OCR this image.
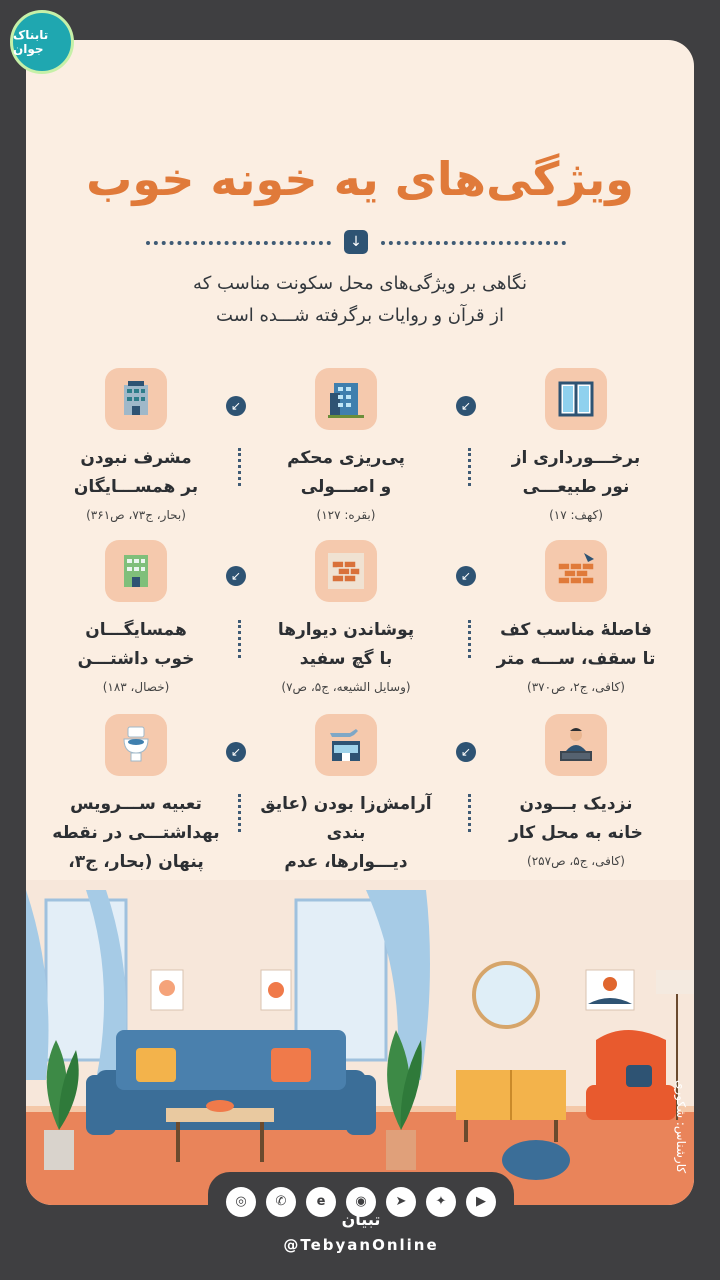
تابناک جوان
ویژگی‌های یه خونه خوب
↓
نگاهی بر ویژگی‌های محل سکونت مناسب که
از قرآن و روایات برگرفته شـــده است
برخـــورداری از
نور طبیعـــی
(کهف: ۱۷)
پی‌ریزی محکم
و اصـــولی
(بقره: ۱۲۷)
مشرف نبودن
بر همســـایگان
(بحار، ج۷۳، ص۳۶۱)
↙
↙
فاصلهٔ مناسب کف
تا سقف، ســـه متر
(کافی، ج۲، ص۳۷۰)
پوشاندن دیوارها
با گچ سفید
(وسایل الشیعه، ج۵، ص۷)
همسایگـــان
خوب داشتـــن
(خصال، ۱۸۳)
↙
↙
نزدیک بـــودن
خانه به محل کار
(کافی، ج۵، ص۲۵۷)
آرامش‌زا بودن (عایق بندی
دیـــوارها، عدم
تعبیه ســـرویس
بهداشتـــی در نقطه
پنهان (بحار، ج۳،
↙
↙
کارشناس: شکوری
◎	✆	e	◉	➤	✦	▶
تبیان
@TebyanOnline
